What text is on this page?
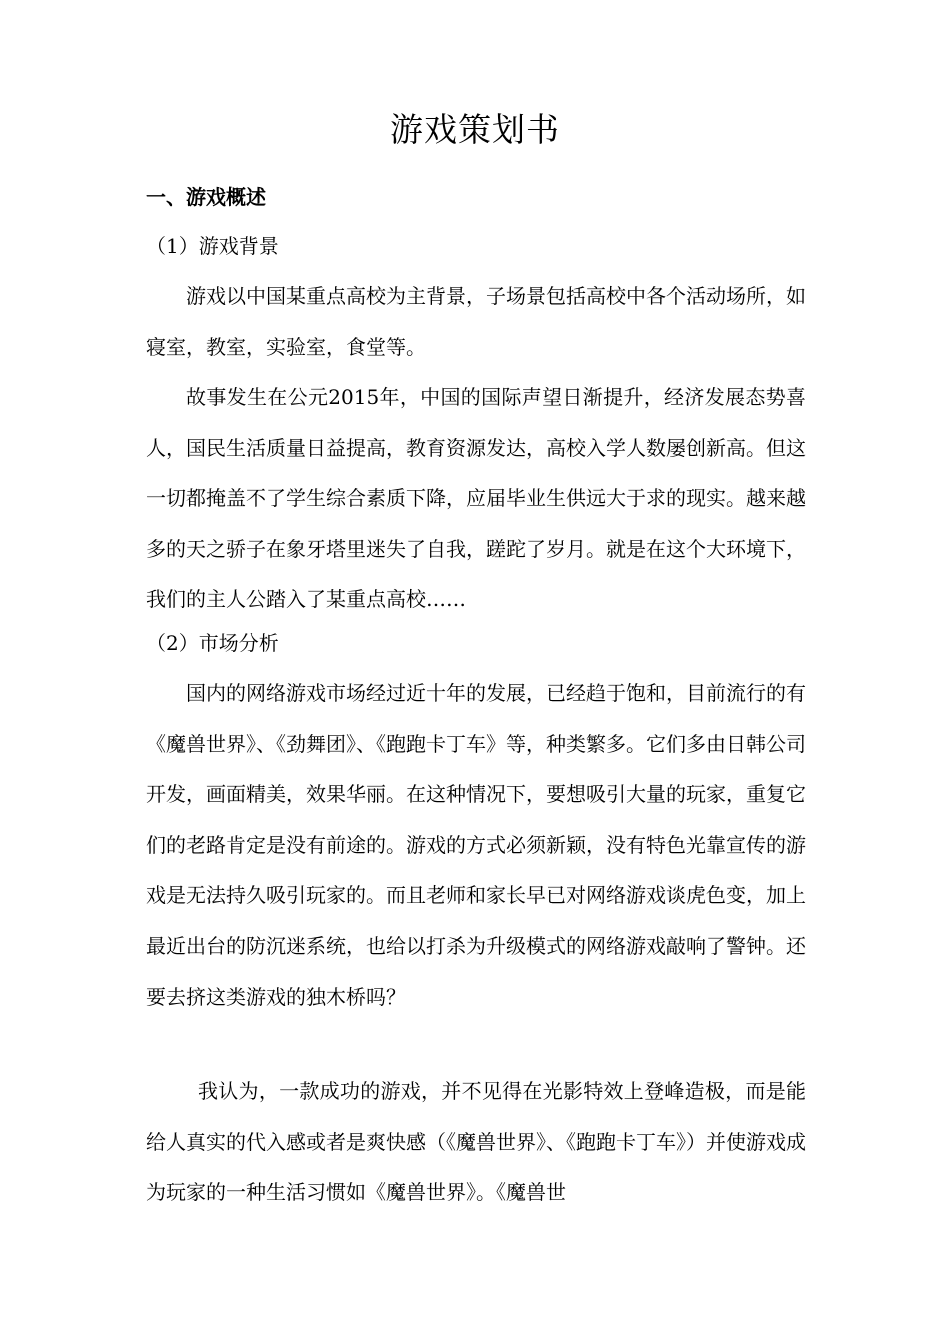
游戏策划书
一、游戏概述
（1）游戏背景

游戏以中国某重点高校为主背景，子场景包括高校中各个活动场所，如寝室，教室，实验室，食堂等。

故事发生在公元2015年，中国的国际声望日渐提升，经济发展态势喜人，国民生活质量日益提高，教育资源发达，高校入学人数屡创新高。但这一切都掩盖不了学生综合素质下降，应届毕业生供远大于求的现实。越来越多的天之骄子在象牙塔里迷失了自我，蹉跎了岁月。就是在这个大环境下，我们的主人公踏入了某重点高校……

（2）市场分析

国内的网络游戏市场经过近十年的发展，已经趋于饱和，目前流行的有《魔兽世界》、《劲舞团》、《跑跑卡丁车》等，种类繁多。它们多由日韩公司开发，画面精美，效果华丽。在这种情况下，要想吸引大量的玩家，重复它们的老路肯定是没有前途的。游戏的方式必须新颖，没有特色光靠宣传的游戏是无法持久吸引玩家的。而且老师和家长早已对网络游戏谈虎色变，加上最近出台的防沉迷系统，也给以打杀为升级模式的网络游戏敲响了警钟。还要去挤这类游戏的独木桥吗？

我认为，一款成功的游戏，并不见得在光影特效上登峰造极，而是能给人真实的代入感或者是爽快感（《魔兽世界》、《跑跑卡丁车》）并使游戏成为玩家的一种生活习惯如《魔兽世界》。《魔兽世
